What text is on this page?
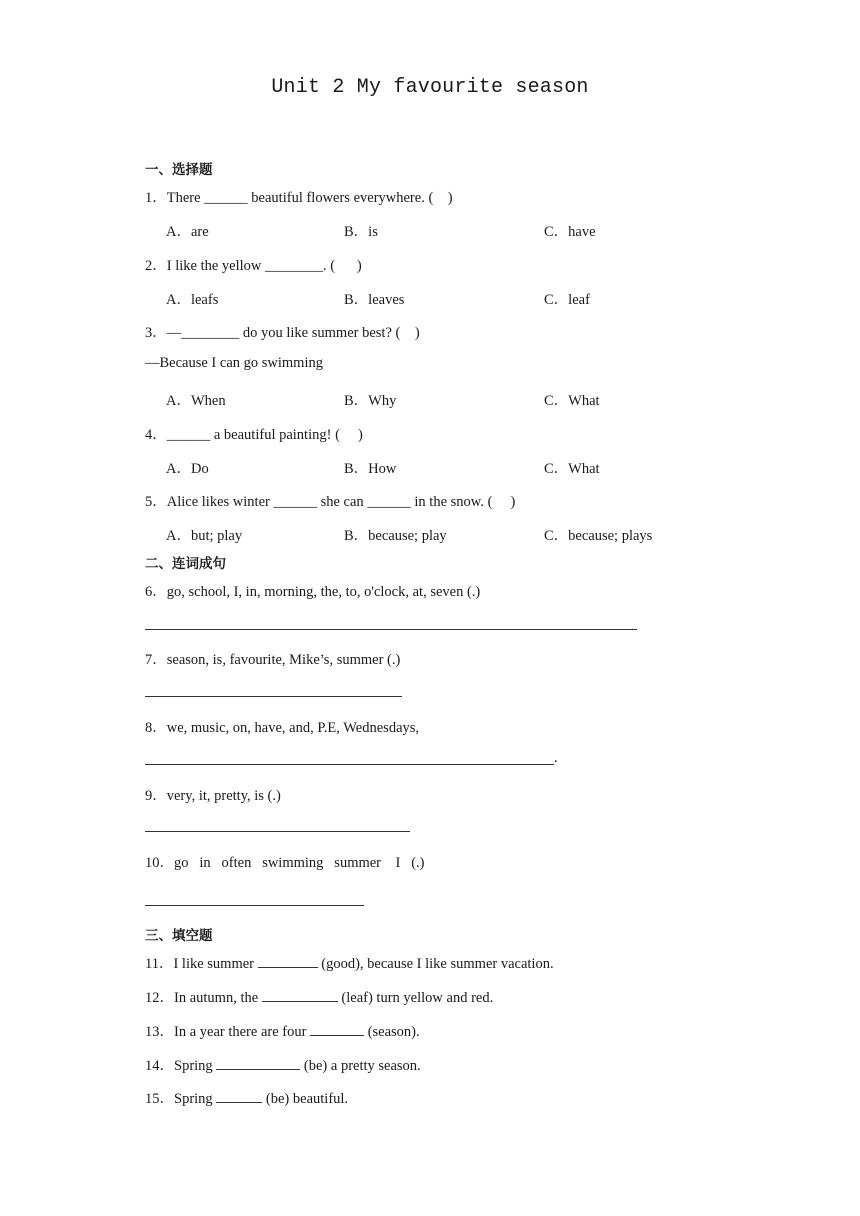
Unit 2 My favourite season
一、选择题
1．There ______ beautiful flowers everywhere. (    )
A．are	B．is	C．have
2．I like the yellow ________. (      )
A．leafs	B．leaves	C．leaf
3．—________ do you like summer best? (    )
—Because I can go swimming
A．When	B．Why	C．What
4．______ a beautiful painting! (     )
A．Do	B．How	C．What
5．Alice likes winter ______ she can ______ in the snow. (     )
A．but; play	B．because; play	C．because; plays
二、连词成句
6．go, school, I, in, morning, the, to, o'clock, at, seven (.)
7．season, is, favourite, Mike’s, summer (.)
8．we, music, on, have, and, P.E, Wednesdays,
.
9．very, it, pretty, is (.)
10．go   in   often   swimming   summer    I   (.)
三、填空题
11．I like summer	(good), because I like summer vacation.
12．In autumn, the	(leaf) turn yellow and red.
13．In a year there are four	(season).
14．Spring	(be) a pretty season.
15．Spring	(be) beautiful.
